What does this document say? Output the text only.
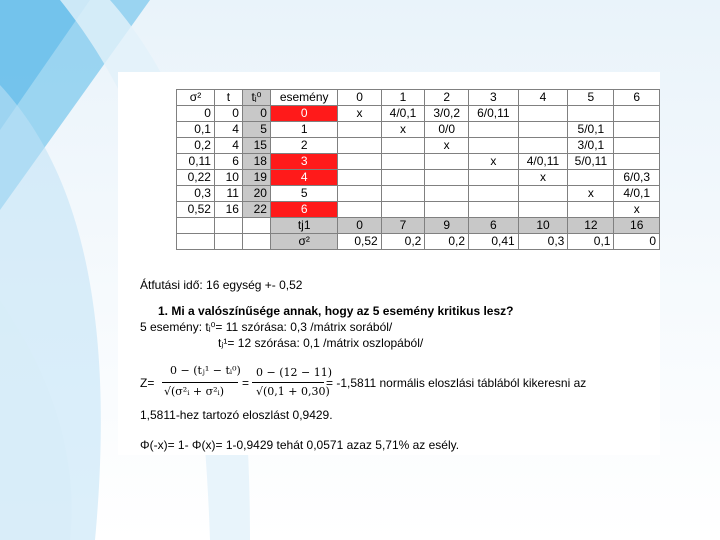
σ²	t	tᵢ⁰	esemény	0	1	2	3	4	5	6
0	0	0	0	x	4/0,1	3/0,2	6/0,11			
0,1	4	5	1		x	0/0			5/0,1	
0,2	4	15	2			x			3/0,1	
0,11	6	18	3				x	4/0,11	5/0,11	
0,22	10	19	4					x		6/0,3
0,3	11	20	5						x	4/0,1
0,52	16	22	6							x
			tj1	0	7	9	6	10	12	16
			σ²	0,52	0,2	0,2	0,41	0,3	0,1	0
Átfutási idő: 16 egység +- 0,52
1. Mi a valószínűsége annak, hogy az 5 esemény kritikus lesz?
5 esemény: tᵢ⁰= 11 szórása: 0,3 /mátrix sorából/
tⱼ¹= 12 szórása: 0,1 /mátrix oszlopából/
Z=
0 − (tⱼ¹ − tᵢ⁰)
√(σ²ᵢ + σ²ᵢ)
=
0 − (12 − 11)
√(0,1 + 0,30)
= -1,5811 normális eloszlási táblából kikeresni az
1,5811-hez tartozó eloszlást 0,9429.
Φ(-x)= 1- Φ(x)= 1-0,9429 tehát 0,0571 azaz 5,71% az esély.
